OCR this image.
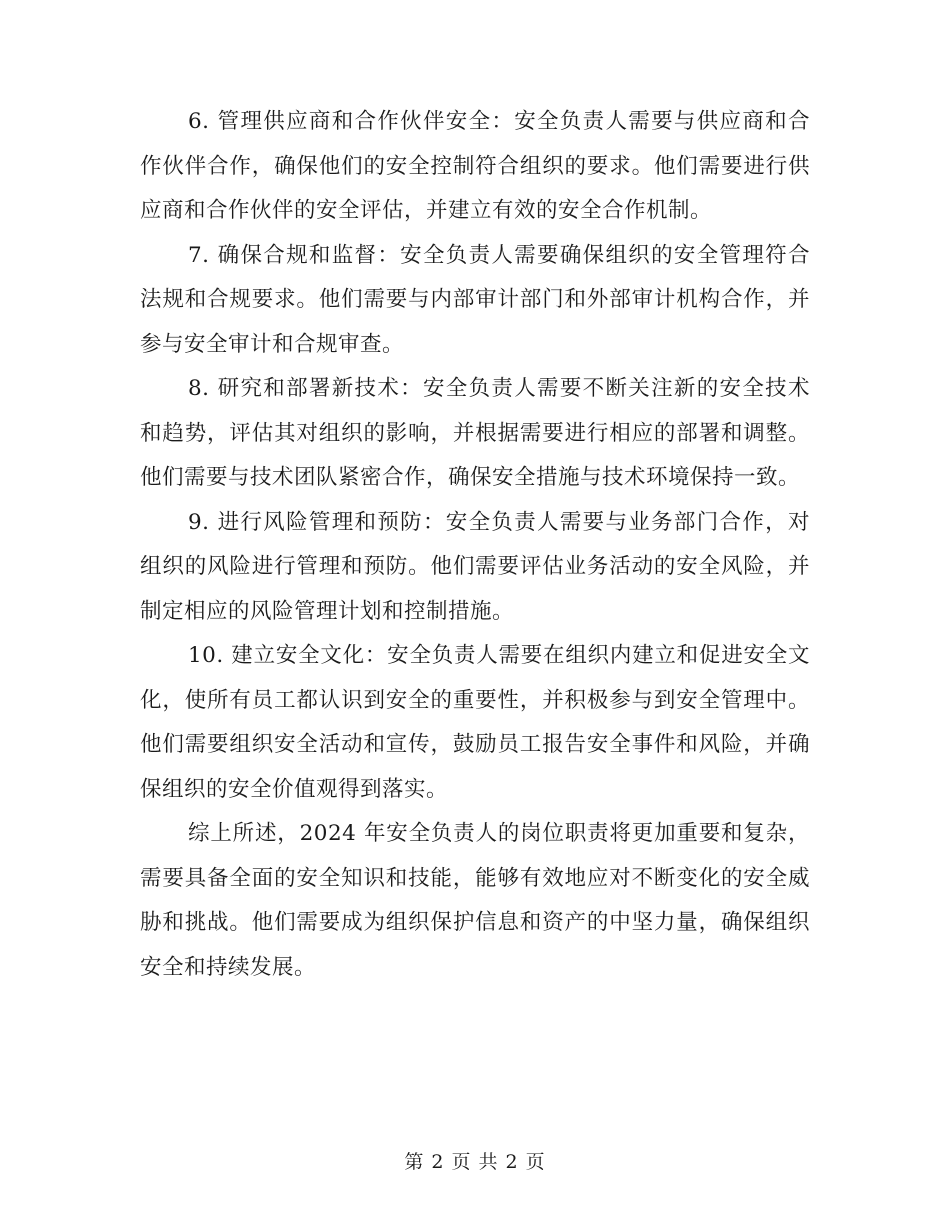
6. 管理供应商和合作伙伴安全：安全负责人需要与供应商和合作伙伴合作，确保他们的安全控制符合组织的要求。他们需要进行供应商和合作伙伴的安全评估，并建立有效的安全合作机制。

7. 确保合规和监督：安全负责人需要确保组织的安全管理符合法规和合规要求。他们需要与内部审计部门和外部审计机构合作，并参与安全审计和合规审查。

8. 研究和部署新技术：安全负责人需要不断关注新的安全技术和趋势，评估其对组织的影响，并根据需要进行相应的部署和调整。他们需要与技术团队紧密合作，确保安全措施与技术环境保持一致。

9. 进行风险管理和预防：安全负责人需要与业务部门合作，对组织的风险进行管理和预防。他们需要评估业务活动的安全风险，并制定相应的风险管理计划和控制措施。

10. 建立安全文化：安全负责人需要在组织内建立和促进安全文化，使所有员工都认识到安全的重要性，并积极参与到安全管理中。他们需要组织安全活动和宣传，鼓励员工报告安全事件和风险，并确保组织的安全价值观得到落实。

综上所述，2024 年安全负责人的岗位职责将更加重要和复杂，需要具备全面的安全知识和技能，能够有效地应对不断变化的安全威胁和挑战。他们需要成为组织保护信息和资产的中坚力量，确保组织安全和持续发展。

第 2 页 共 2 页
